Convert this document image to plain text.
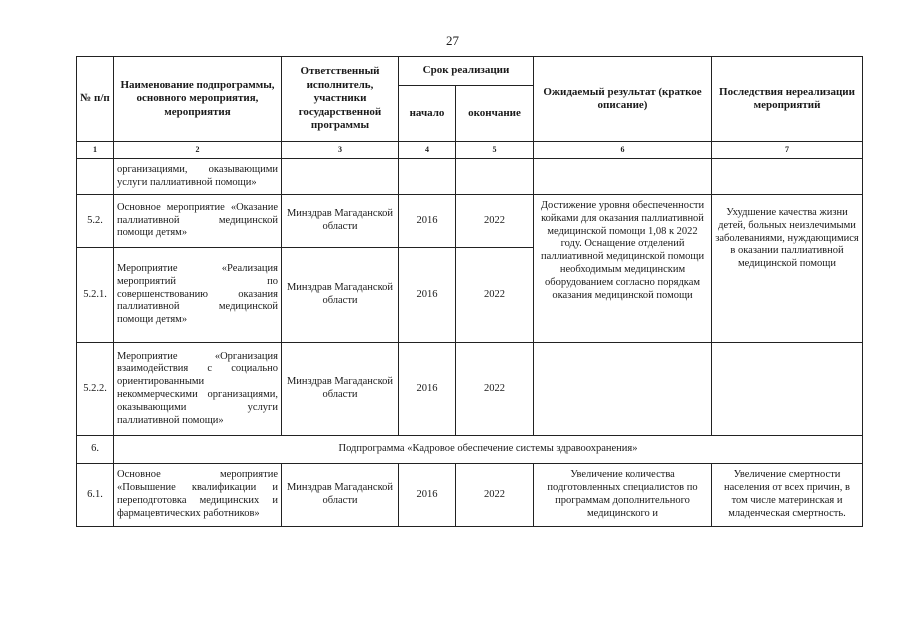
27
№ п/п	Наименование подпрограммы, основного мероприятия, мероприятия	Ответственный исполнитель, участники государственной программы	Срок реализации		Ожидаемый результат (краткое описание)	Последствия нереализации мероприятий
			начало	окончание		
1	2	3	4	5	6	7
	организациями, оказывающими услуги паллиативной помощи»					
5.2.	Основное мероприятие «Оказание паллиативной медицинской помощи детям»	Минздрав Магаданской области	2016	2022	Достижение уровня обеспеченности койками для оказания паллиативной медицинской помощи 1,08 к 2022 году. Оснащение отделений паллиативной медицинской помощи необходимым медицинским оборудованием согласно порядкам оказания медицинской помощи	Ухудшение качества жизни детей, больных неизлечимыми заболеваниями, нуждающимися в оказании паллиативной медицинской помощи
5.2.1.	Мероприятие «Реализация мероприятий по совершенствованию оказания паллиативной медицинской помощи детям»	Минздрав Магаданской области	2016	2022		
5.2.2.	Мероприятие «Организация взаимодействия с социально ориентированными некоммерческими организациями, оказывающими услуги паллиативной помощи»	Минздрав Магаданской области	2016	2022		
6.	Подпрограмма «Кадровое обеспечение системы здравоохранения»					
6.1.	Основное мероприятие «Повышение квалификации и переподготовка медицинских и фармацевтических работников»	Минздрав Магаданской области	2016	2022	Увеличение количества подготовленных специалистов по программам дополнительного медицинского и	Увеличение смертности населения от всех причин, в том числе материнская и младенческая смертность.
